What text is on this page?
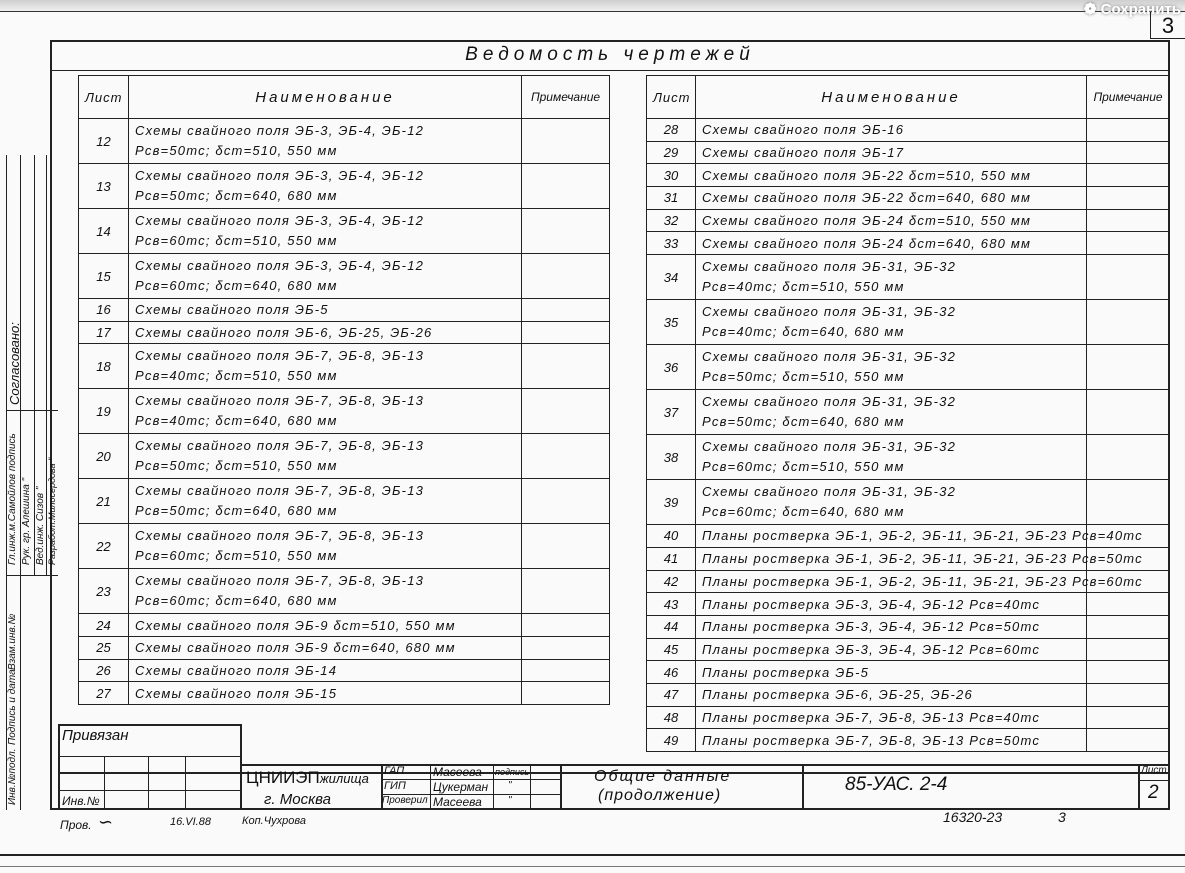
❁ Сохранить
3
Ведомость чертежей
Лист	Наименование	Примечание
12	Схемы свайного поля ЭБ-3, ЭБ-4, ЭБ-12
Рсв=50тс; δст=510, 550 мм	

13	Схемы свайного поля ЭБ-3, ЭБ-4, ЭБ-12
Рсв=50тс; δст=640, 680 мм	

14	Схемы свайного поля ЭБ-3, ЭБ-4, ЭБ-12
Рсв=60тс; δст=510, 550 мм	

15	Схемы свайного поля ЭБ-3, ЭБ-4, ЭБ-12
Рсв=60тс; δст=640, 680 мм	

16	Схемы свайного поля ЭБ-5	

17	Схемы свайного поля ЭБ-6, ЭБ-25, ЭБ-26	

18	Схемы свайного поля ЭБ-7, ЭБ-8, ЭБ-13
Рсв=40тс; δст=510, 550 мм	

19	Схемы свайного поля ЭБ-7, ЭБ-8, ЭБ-13
Рсв=40тс; δст=640, 680 мм	

20	Схемы свайного поля ЭБ-7, ЭБ-8, ЭБ-13
Рсв=50тс; δст=510, 550 мм	

21	Схемы свайного поля ЭБ-7, ЭБ-8, ЭБ-13
Рсв=50тс; δст=640, 680 мм	

22	Схемы свайного поля ЭБ-7, ЭБ-8, ЭБ-13
Рсв=60тс; δст=510, 550 мм	

23	Схемы свайного поля ЭБ-7, ЭБ-8, ЭБ-13
Рсв=60тс; δст=640, 680 мм	

24	Схемы свайного поля ЭБ-9 δст=510, 550 мм	

25	Схемы свайного поля ЭБ-9 δст=640, 680 мм	

26	Схемы свайного поля ЭБ-14	

27	Схемы свайного поля ЭБ-15	

Лист	Наименование	Примечание
28	Схемы свайного поля ЭБ-16	

29	Схемы свайного поля ЭБ-17	

30	Схемы свайного поля ЭБ-22 δст=510, 550 мм	

31	Схемы свайного поля ЭБ-22 δст=640, 680 мм	

32	Схемы свайного поля ЭБ-24 δст=510, 550 мм	

33	Схемы свайного поля ЭБ-24 δст=640, 680 мм	

34	Схемы свайного поля ЭБ-31, ЭБ-32
Рсв=40тс; δст=510, 550 мм	

35	Схемы свайного поля ЭБ-31, ЭБ-32
Рсв=40тс; δст=640, 680 мм	

36	Схемы свайного поля ЭБ-31, ЭБ-32
Рсв=50тс; δст=510, 550 мм	

37	Схемы свайного поля ЭБ-31, ЭБ-32
Рсв=50тс; δст=640, 680 мм	

38	Схемы свайного поля ЭБ-31, ЭБ-32
Рсв=60тс; δст=510, 550 мм	

39	Схемы свайного поля ЭБ-31, ЭБ-32
Рсв=60тс; δст=640, 680 мм	

40	Планы ростверка ЭБ-1, ЭБ-2, ЭБ-11, ЭБ-21, ЭБ-23 Рсв=40тс	

41	Планы ростверка ЭБ-1, ЭБ-2, ЭБ-11, ЭБ-21, ЭБ-23 Рсв=50тс	

42	Планы ростверка ЭБ-1, ЭБ-2, ЭБ-11, ЭБ-21, ЭБ-23 Рсв=60тс	

43	Планы ростверка ЭБ-3, ЭБ-4, ЭБ-12 Рсв=40тс	

44	Планы ростверка ЭБ-3, ЭБ-4, ЭБ-12 Рсв=50тс	

45	Планы ростверка ЭБ-3, ЭБ-4, ЭБ-12 Рсв=60тс	

46	Планы ростверка ЭБ-5	

47	Планы ростверка ЭБ-6, ЭБ-25, ЭБ-26	

48	Планы ростверка ЭБ-7, ЭБ-8, ЭБ-13 Рсв=40тс	

49	Планы ростверка ЭБ-7, ЭБ-8, ЭБ-13 Рсв=50тс	

Согласовано:
Гл.инж.м.Самойлов подпись
Рук. гр. Алешина "
Вед.инж. Сизов "
Разработ.Милосердова "
Инв.№подл.
Подпись и дата
Взам.инв.№
Привязан
Инв.№
ЦНИИЭПжилища
г. Москва
ГАП Масеева подпись
ГИП Цукерман "
Проверил Масеева	"
Общие данные
(продолжение)
85-УАС. 2-4
Лист
2
Пров. ∽	16.VI.88	Коп.Чухрова	16320-23	3
